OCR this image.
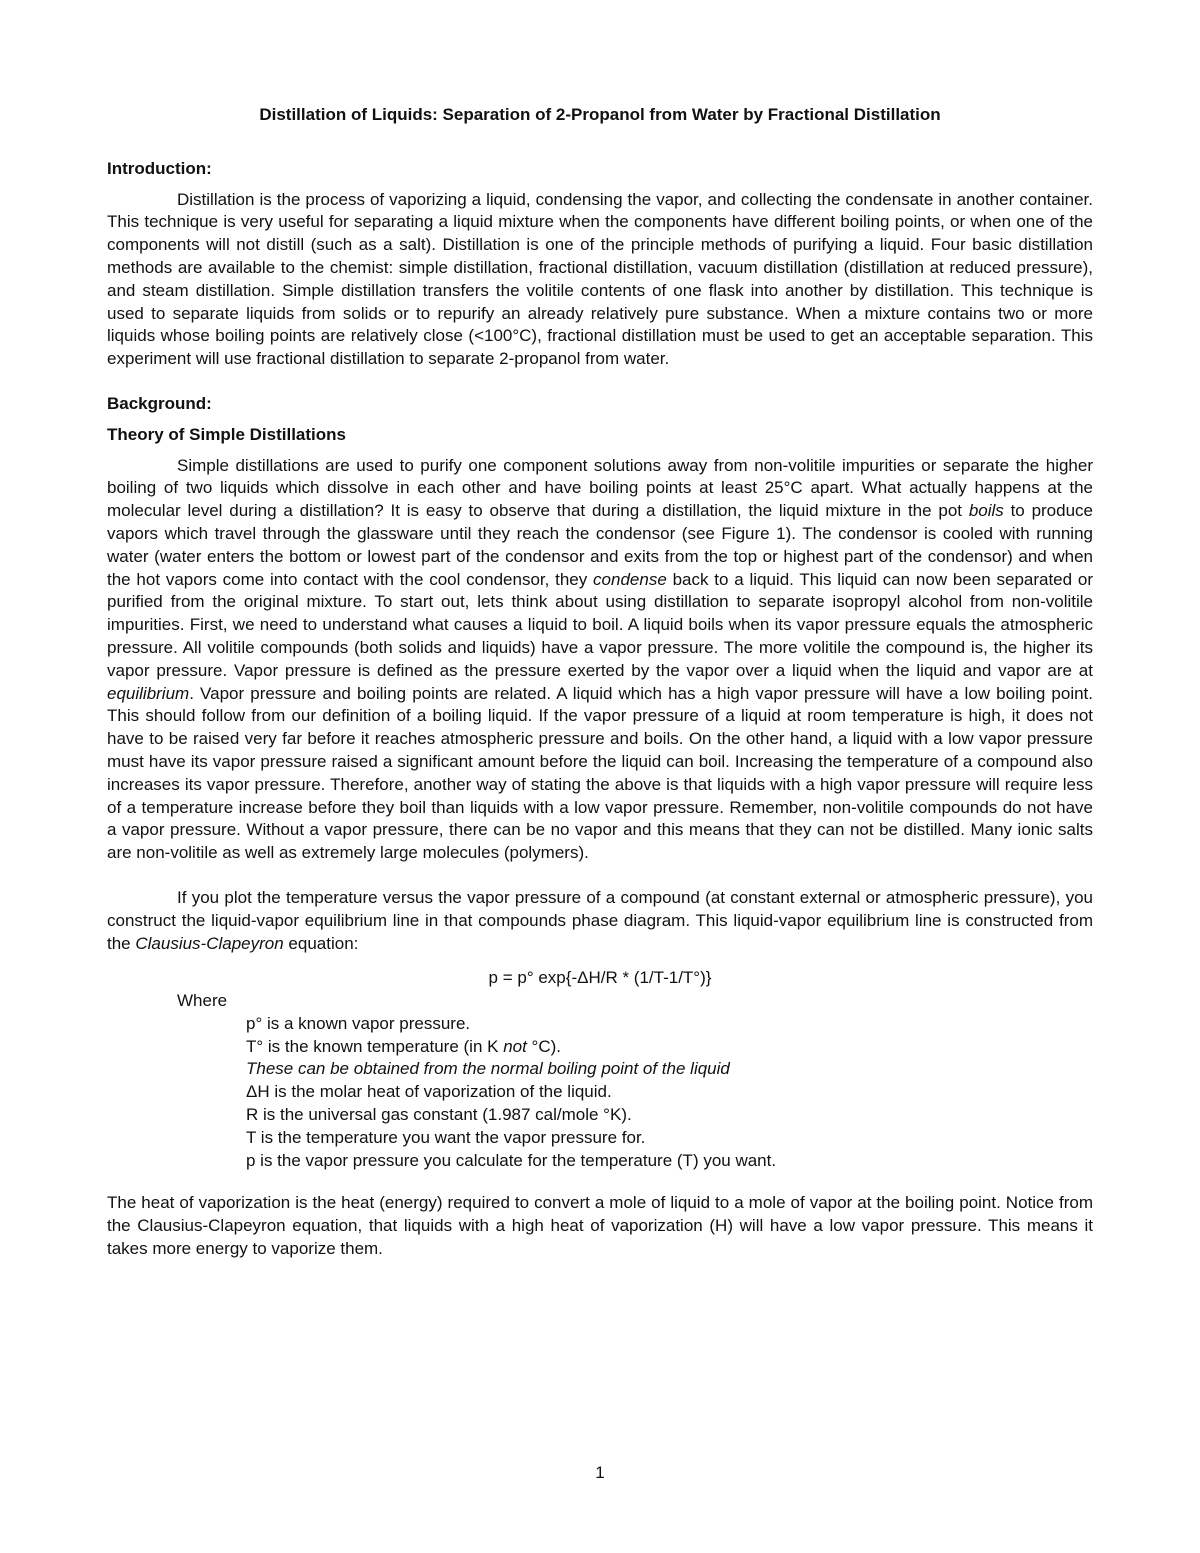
Distillation of Liquids: Separation of 2-Propanol from Water by Fractional Distillation
Introduction:

Distillation is the process of vaporizing a liquid, condensing the vapor, and collecting the condensate in another container. This technique is very useful for separating a liquid mixture when the components have different boiling points, or when one of the components will not distill (such as a salt). Distillation is one of the principle methods of purifying a liquid. Four basic distillation methods are available to the chemist: simple distillation, fractional distillation, vacuum distillation (distillation at reduced pressure), and steam distillation. Simple distillation transfers the volitile contents of one flask into another by distillation. This technique is used to separate liquids from solids or to repurify an already relatively pure substance. When a mixture contains two or more liquids whose boiling points are relatively close (<100°C), fractional distillation must be used to get an acceptable separation. This experiment will use fractional distillation to separate 2-propanol from water.

Background:
Theory of Simple Distillations

Simple distillations are used to purify one component solutions away from non-volitile impurities or separate the higher boiling of two liquids which dissolve in each other and have boiling points at least 25°C apart. What actually happens at the molecular level during a distillation? It is easy to observe that during a distillation, the liquid mixture in the pot boils to produce vapors which travel through the glassware until they reach the condensor (see Figure 1). The condensor is cooled with running water (water enters the bottom or lowest part of the condensor and exits from the top or highest part of the condensor) and when the hot vapors come into contact with the cool condensor, they condense back to a liquid. This liquid can now been separated or purified from the original mixture. To start out, lets think about using distillation to separate isopropyl alcohol from non-volitile impurities. First, we need to understand what causes a liquid to boil. A liquid boils when its vapor pressure equals the atmospheric pressure. All volitile compounds (both solids and liquids) have a vapor pressure. The more volitile the compound is, the higher its vapor pressure. Vapor pressure is defined as the pressure exerted by the vapor over a liquid when the liquid and vapor are at equilibrium. Vapor pressure and boiling points are related. A liquid which has a high vapor pressure will have a low boiling point. This should follow from our definition of a boiling liquid. If the vapor pressure of a liquid at room temperature is high, it does not have to be raised very far before it reaches atmospheric pressure and boils. On the other hand, a liquid with a low vapor pressure must have its vapor pressure raised a significant amount before the liquid can boil. Increasing the temperature of a compound also increases its vapor pressure. Therefore, another way of stating the above is that liquids with a high vapor pressure will require less of a temperature increase before they boil than liquids with a low vapor pressure. Remember, non-volitile compounds do not have a vapor pressure. Without a vapor pressure, there can be no vapor and this means that they can not be distilled. Many ionic salts are non-volitile as well as extremely large molecules (polymers).

If you plot the temperature versus the vapor pressure of a compound (at constant external or atmospheric pressure), you construct the liquid-vapor equilibrium line in that compounds phase diagram. This liquid-vapor equilibrium line is constructed from the Clausius-Clapeyron equation:

p = p° exp{-ΔH/R * (1/T-1/T°)}
Where
p° is a known vapor pressure.
T° is the known temperature (in K not °C).
These can be obtained from the normal boiling point of the liquid
ΔH is the molar heat of vaporization of the liquid.
R is the universal gas constant (1.987 cal/mole °K).
T is the temperature you want the vapor pressure for.
p is the vapor pressure you calculate for the temperature (T) you want.

The heat of vaporization is the heat (energy) required to convert a mole of liquid to a mole of vapor at the boiling point. Notice from the Clausius-Clapeyron equation, that liquids with a high heat of vaporization (H) will have a low vapor pressure. This means it takes more energy to vaporize them.

1
